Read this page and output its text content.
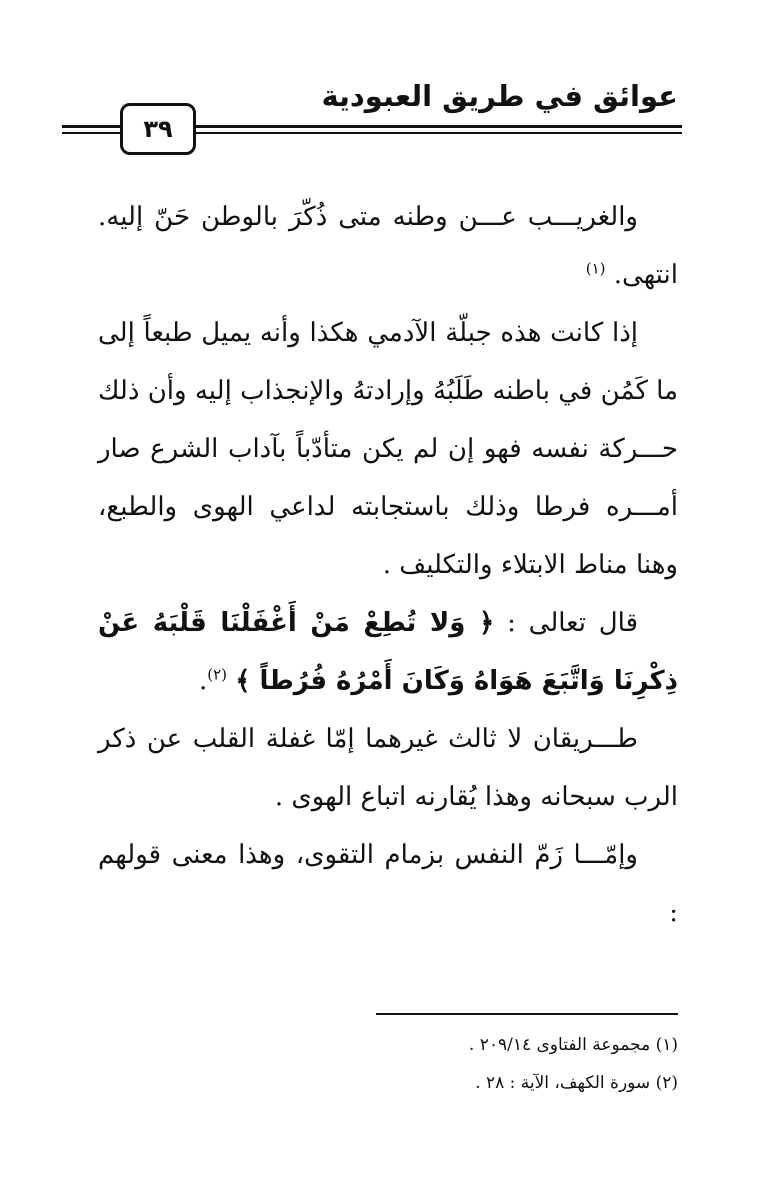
عوائق في طريق العبودية
٣٩

والغريـــب عـــن وطنه متى ذُكّرَ بالوطن حَنّ إليه. انتهى. $^{(١)}$

إذا كانت هذه جبلّة الآدمي هكذا وأنه يميل طبعاً إلى ما كَمُن في باطنه طَلَبُهُ وإرادتهُ والإنجذاب إليه وأن ذلك حـــركة نفسه فهو إن لم يكن متأدّباً بآداب الشرع صار أمـــره فرطا وذلك باستجابته لداعي الهوى والطبع، وهنا مناط الابتلاء والتكليف .

قال تعالى : ﴿ وَلا تُطِعْ مَنْ أَغْفَلْنَا قَلْبَهُ عَنْ ذِكْرِنَا وَاتَّبَعَ هَوَاهُ وَكَانَ أَمْرُهُ فُرُطاً ﴾ $^{(٢)}$.

طـــريقان لا ثالث غيرهما إمّا غفلة القلب عن ذكر الرب سبحانه وهذا يُقارنه اتباع الهوى .

وإمّـــا زَمّ النفس بزمام التقوى، وهذا معنى قولهم :

(١) مجموعة الفتاوى ٢٠٩/١٤ .

(٢) سورة الكهف، الآية : ٢٨ .
